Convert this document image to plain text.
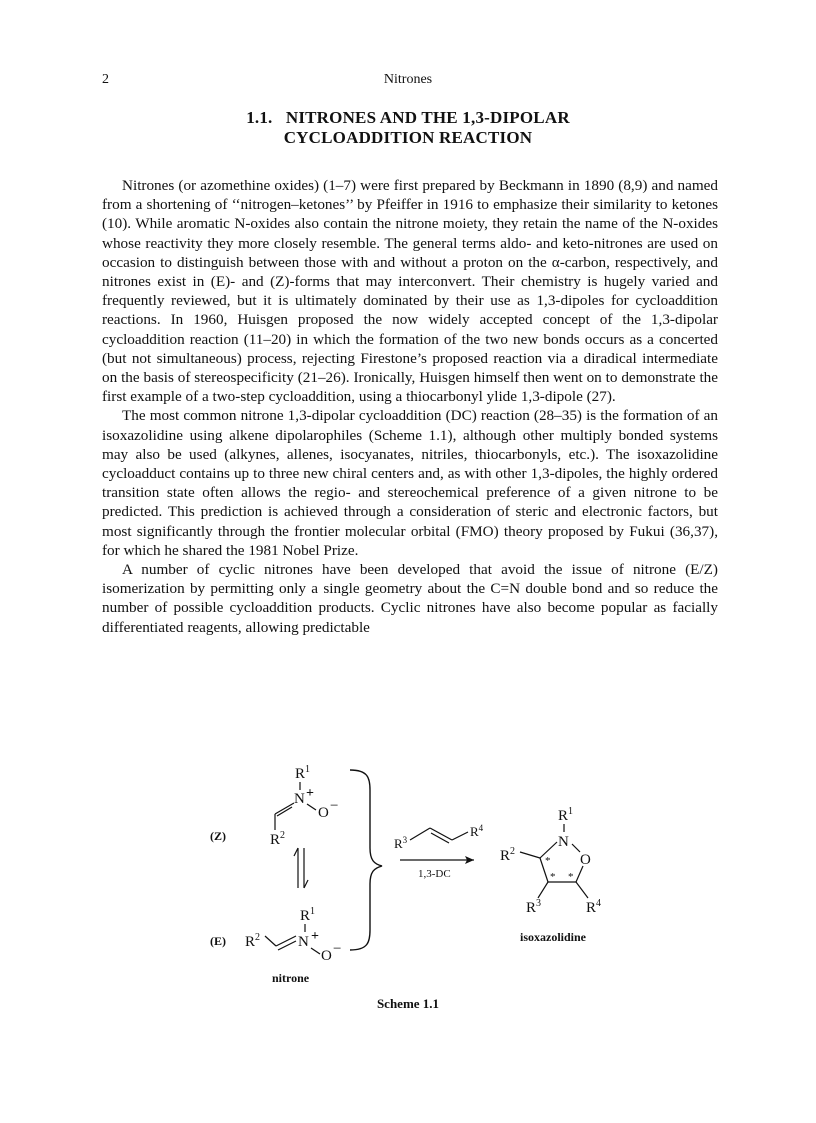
2	Nitrones
1.1.   NITRONES AND THE 1,3-DIPOLAR
CYCLOADDITION REACTION

Nitrones (or azomethine oxides) (1–7) were first prepared by Beckmann in 1890 (8,9) and named from a shortening of ‘‘nitrogen–ketones’’ by Pfeiffer in 1916 to emphasize their similarity to ketones (10). While aromatic N-oxides also contain the nitrone moiety, they retain the name of the N-oxides whose reactivity they more closely resemble. The general terms aldo- and keto-nitrones are used on occasion to distinguish between those with and without a proton on the α-carbon, respectively, and nitrones exist in (E)- and (Z)-forms that may interconvert. Their chemistry is hugely varied and frequently reviewed, but it is ultimately dominated by their use as 1,3-dipoles for cycloaddition reactions. In 1960, Huisgen proposed the now widely accepted concept of the 1,3-dipolar cycloaddition reaction (11–20) in which the formation of the two new bonds occurs as a concerted (but not simultaneous) process, rejecting Firestone’s proposed reaction via a diradical intermediate on the basis of stereospecificity (21–26). Ironically, Huisgen himself then went on to demonstrate the first example of a two-step cycloaddition, using a thiocarbonyl ylide 1,3-dipole (27).

The most common nitrone 1,3-dipolar cycloaddition (DC) reaction (28–35) is the formation of an isoxazolidine using alkene dipolarophiles (Scheme 1.1), although other multiply bonded systems may also be used (alkynes, allenes, isocyanates, nitriles, thiocarbonyls, etc.). The isoxazolidine cycloadduct contains up to three new chiral centers and, as with other 1,3-dipoles, the highly ordered transition state often allows the regio- and stereochemical preference of a given nitrone to be predicted. This prediction is achieved through a consideration of steric and electronic factors, but most significantly through the frontier molecular orbital (FMO) theory proposed by Fukui (36,37), for which he shared the 1981 Nobel Prize.

A number of cyclic nitrones have been developed that avoid the issue of nitrone (E/Z) isomerization by permitting only a single geometry about the C=N double bond and so reduce the number of possible cycloaddition products. Cyclic nitrones have also become popular as facially differentiated reagents, allowing predictable

$R^1$
N +
O −
$R^2$
(Z)
$R^1$
$R^2$	N +
O −
(E)
nitrone
$R^3$
$R^4$
1,3-DC
$R^1$
N
O
$R^2$
$R^3$	$R^4$
*
* *
isoxazolidine
Scheme 1.1
